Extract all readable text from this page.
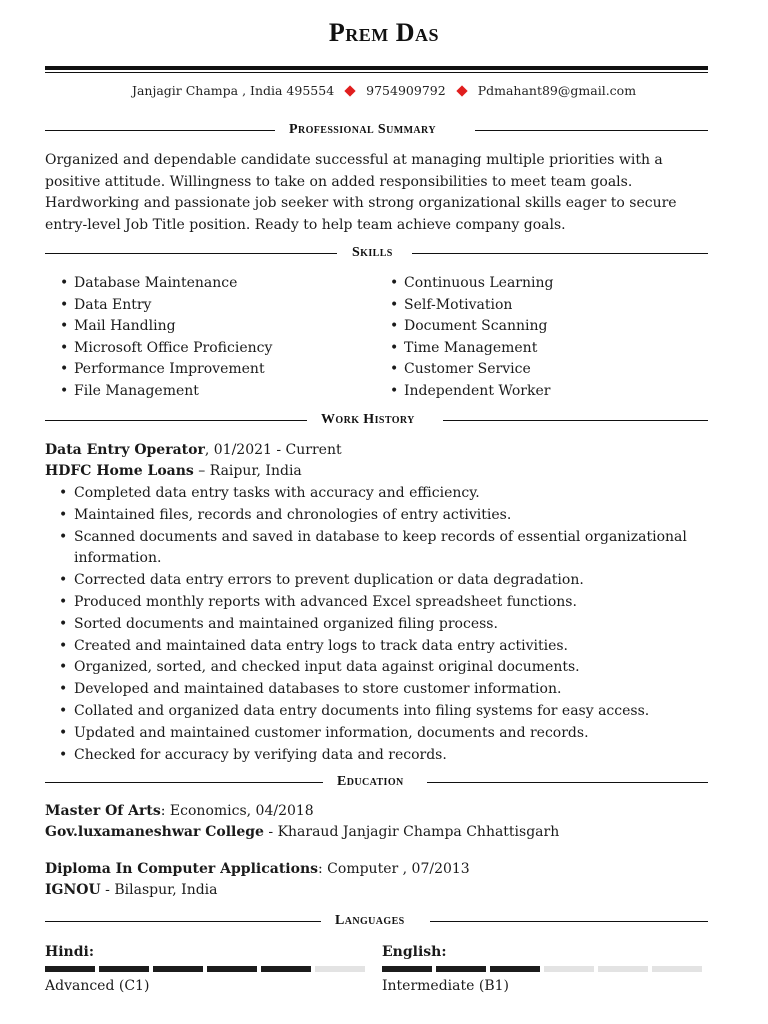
Prem Das
Janjagir Champa , India 495554	9754909792	Pdmahant89@gmail.com
Professional Summary
Organized and dependable candidate successful at managing multiple priorities with a
positive attitude. Willingness to take on added responsibilities to meet team goals.
Hardworking and passionate job seeker with strong organizational skills eager to secure
entry-level Job Title position. Ready to help team achieve company goals.
Skills
• Database Maintenance
• Data Entry
• Mail Handling
• Microsoft Office Proficiency
• Performance Improvement
• File Management
• Continuous Learning
• Self-Motivation
• Document Scanning
• Time Management
• Customer Service
• Independent Worker
Work History
Data Entry Operator, 01/2021 - Current
HDFC Home Loans – Raipur, India
• Completed data entry tasks with accuracy and efficiency.
• Maintained files, records and chronologies of entry activities.
• Scanned documents and saved in database to keep records of essential organizational information.
• Corrected data entry errors to prevent duplication or data degradation.
• Produced monthly reports with advanced Excel spreadsheet functions.
• Sorted documents and maintained organized filing process.
• Created and maintained data entry logs to track data entry activities.
• Organized, sorted, and checked input data against original documents.
• Developed and maintained databases to store customer information.
• Collated and organized data entry documents into filing systems for easy access.
• Updated and maintained customer information, documents and records.
• Checked for accuracy by verifying data and records.
Education
Master Of Arts: Economics, 04/2018
Gov.luxamaneshwar College - Kharaud Janjagir Champa Chhattisgarh
Diploma In Computer Applications: Computer , 07/2013
IGNOU - Bilaspur, India
Languages
Hindi:
Advanced (C1)
English:
Intermediate (B1)
